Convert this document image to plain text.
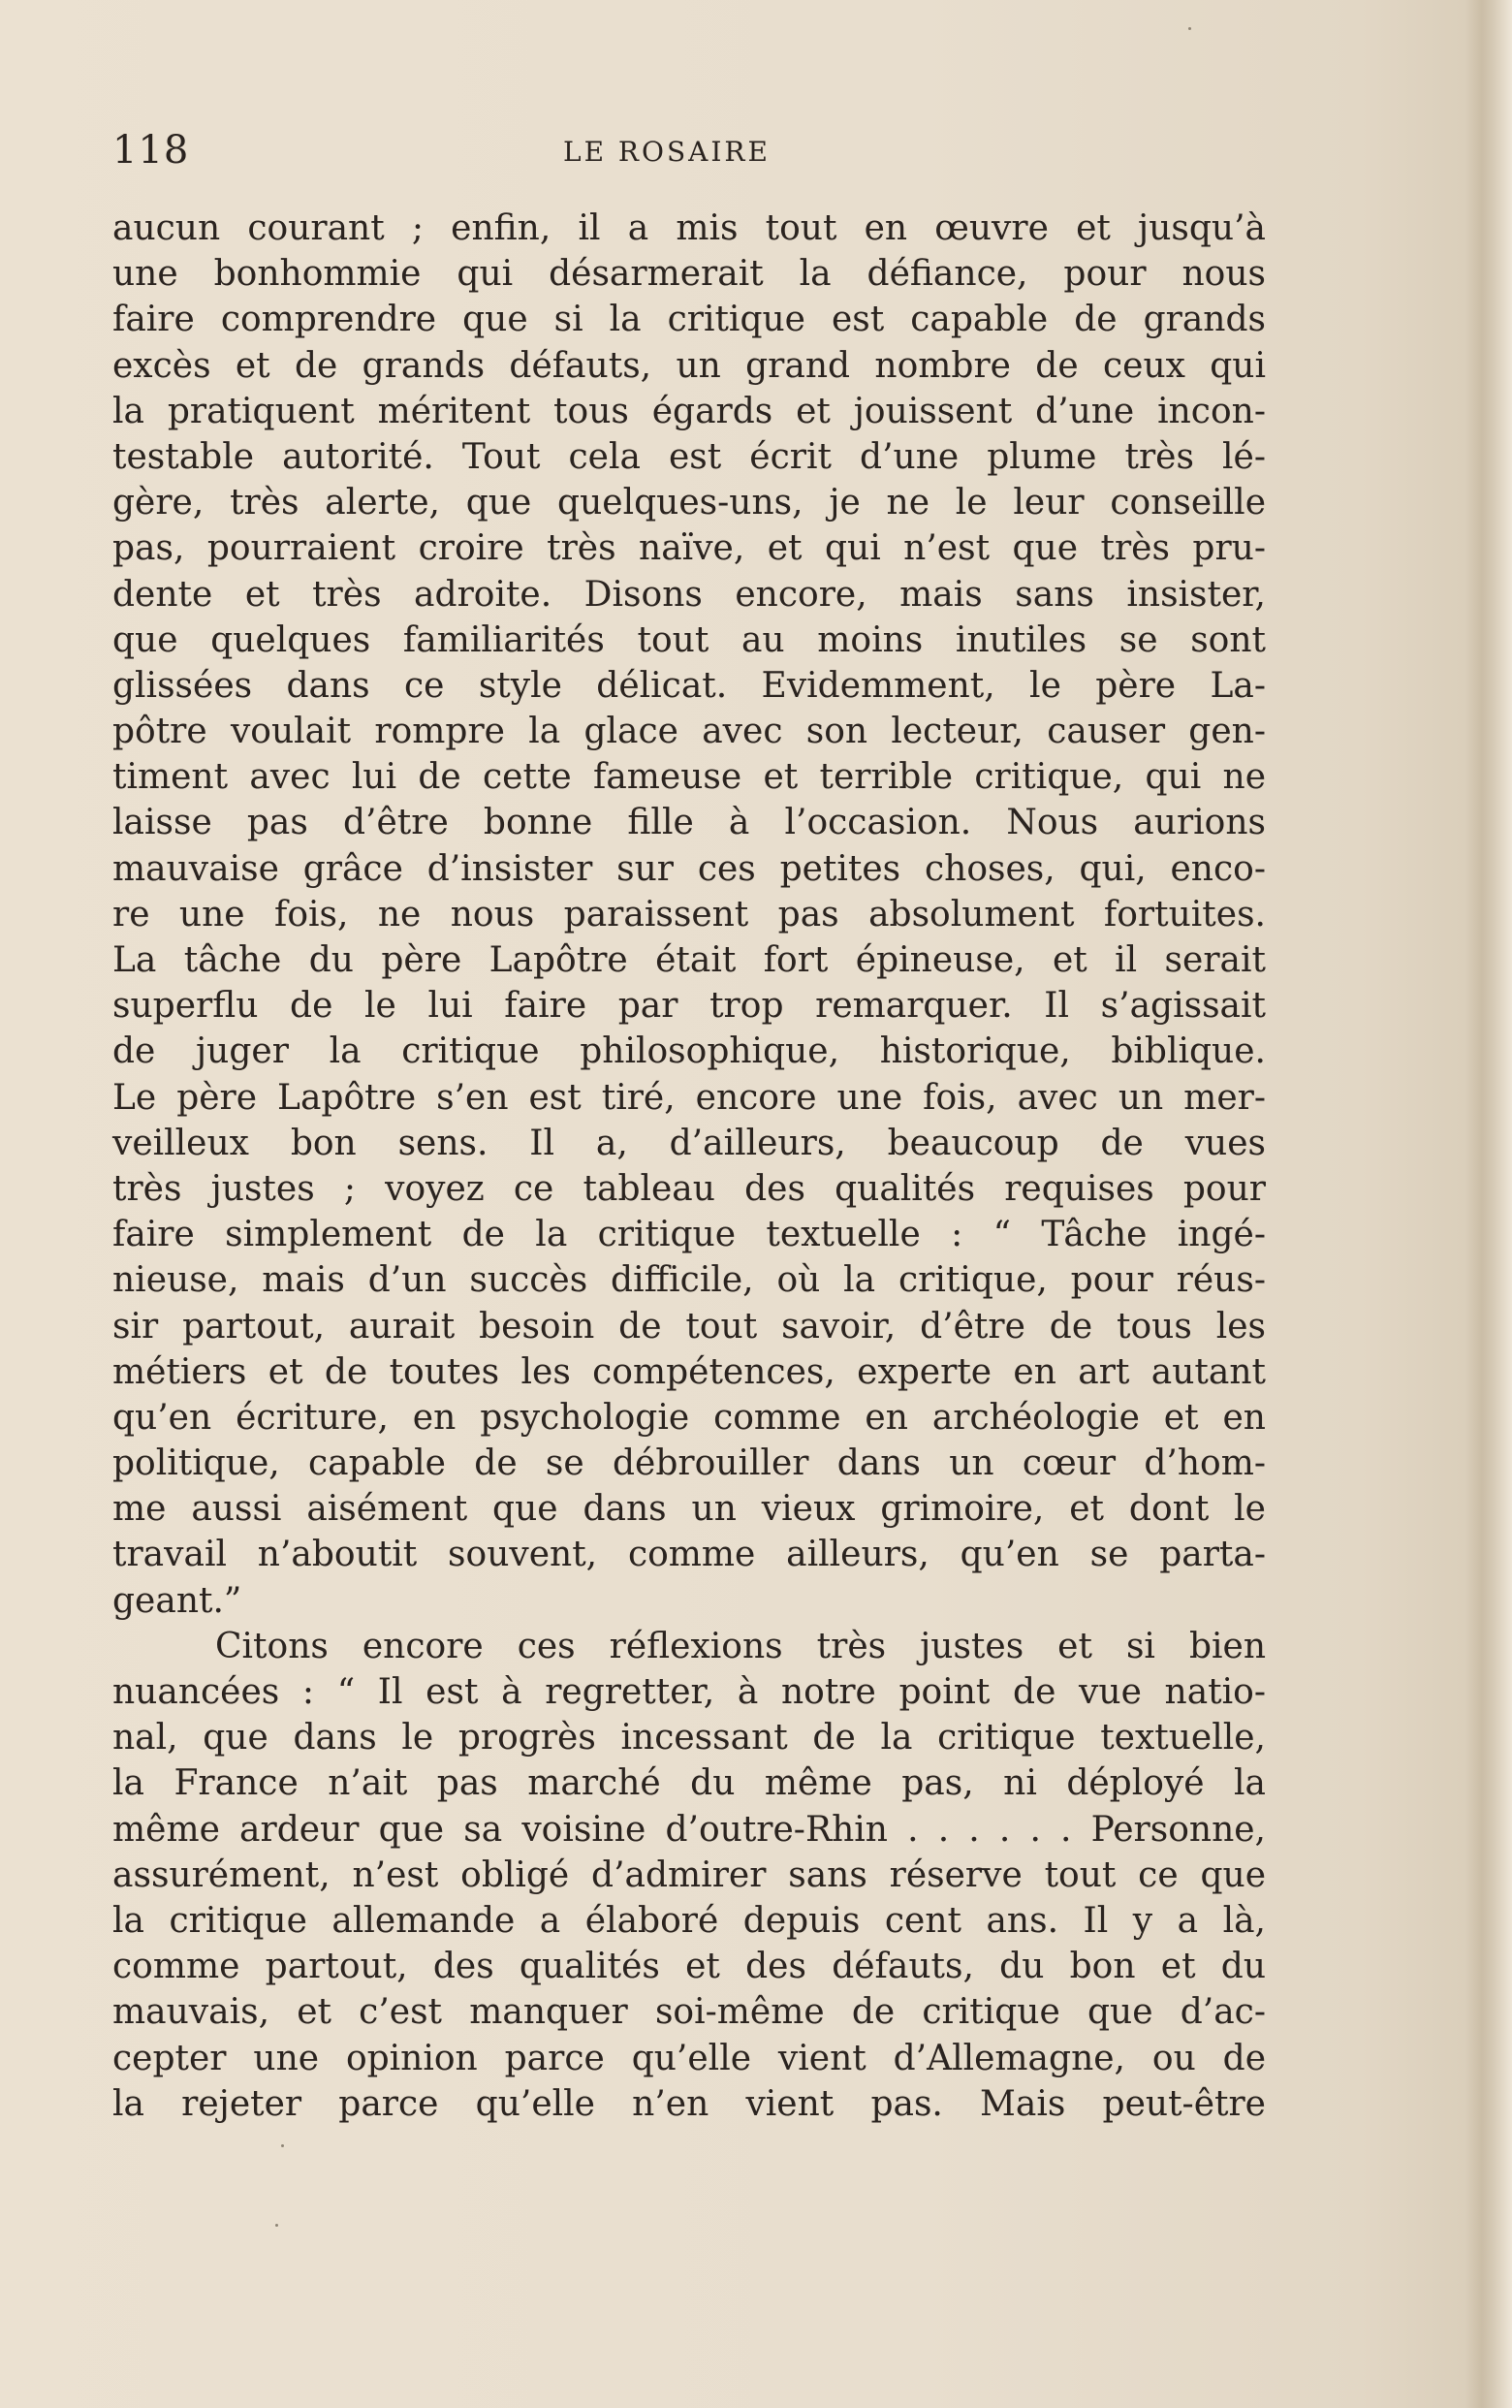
118	LE ROSAIRE
aucun courant ; enfin, il a mis tout en œuvre et jusqu’à
une bonhommie qui désarmerait la défiance, pour nous
faire comprendre que si la critique est capable de grands
excès et de grands défauts, un grand nombre de ceux qui
la pratiquent méritent tous égards et jouissent d’une incon-
testable autorité. Tout cela est écrit d’une plume très lé-
gère, très alerte, que quelques-uns, je ne le leur conseille
pas, pourraient croire très naïve, et qui n’est que très pru-
dente et très adroite. Disons encore, mais sans insister,
que quelques familiarités tout au moins inutiles se sont
glissées dans ce style délicat. Evidemment, le père La-
pôtre voulait rompre la glace avec son lecteur, causer gen-
timent avec lui de cette fameuse et terrible critique, qui ne
laisse pas d’être bonne fille à l’occasion. Nous aurions
mauvaise grâce d’insister sur ces petites choses, qui, enco-
re une fois, ne nous paraissent pas absolument fortuites.
La tâche du père Lapôtre était fort épineuse, et il serait
superflu de le lui faire par trop remarquer. Il s’agissait
de juger la critique philosophique, historique, biblique.
Le père Lapôtre s’en est tiré, encore une fois, avec un mer-
veilleux bon sens. Il a, d’ailleurs, beaucoup de vues
très justes ; voyez ce tableau des qualités requises pour
faire simplement de la critique textuelle : “ Tâche ingé-
nieuse, mais d’un succès difficile, où la critique, pour réus-
sir partout, aurait besoin de tout savoir, d’être de tous les
métiers et de toutes les compétences, experte en art autant
qu’en écriture, en psychologie comme en archéologie et en
politique, capable de se débrouiller dans un cœur d’hom-
me aussi aisément que dans un vieux grimoire, et dont le
travail n’aboutit souvent, comme ailleurs, qu’en se parta-
geant.”
Citons encore ces réflexions très justes et si bien
nuancées : “ Il est à regretter, à notre point de vue natio-
nal, que dans le progrès incessant de la critique textuelle,
la France n’ait pas marché du même pas, ni déployé la
même ardeur que sa voisine d’outre-Rhin . . . . . . Personne,
assurément, n’est obligé d’admirer sans réserve tout ce que
la critique allemande a élaboré depuis cent ans. Il y a là,
comme partout, des qualités et des défauts, du bon et du
mauvais, et c’est manquer soi-même de critique que d’ac-
cepter une opinion parce qu’elle vient d’Allemagne, ou de
la rejeter parce qu’elle n’en vient pas. Mais peut-être
